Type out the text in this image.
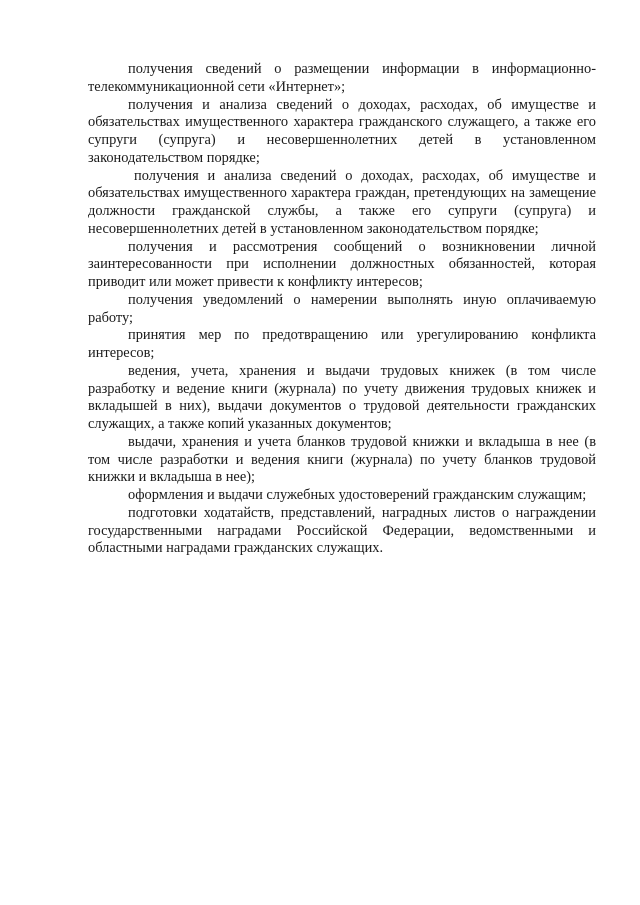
получения сведений о размещении информации в информационно-телекоммуникационной сети «Интернет»;

получения и анализа сведений о доходах, расходах, об имуществе и обязательствах имущественного характера гражданского служащего, а также его супруги (супруга) и несовершеннолетних детей в установленном законодательством порядке;

получения и анализа сведений о доходах, расходах, об имуществе и обязательствах имущественного характера граждан, претендующих на замещение должности гражданской службы, а также его супруги (супруга) и несовершеннолетних детей в установленном законодательством порядке;

получения и рассмотрения сообщений о возникновении личной заинтересованности при исполнении должностных обязанностей, которая приводит или может привести к конфликту интересов;

получения уведомлений о намерении выполнять иную оплачиваемую работу;

принятия мер по предотвращению или урегулированию конфликта интересов;

ведения, учета, хранения и выдачи трудовых книжек (в том числе разработку и ведение книги (журнала) по учету движения трудовых книжек и вкладышей в них), выдачи документов о трудовой деятельности гражданских служащих, а также копий указанных документов;

выдачи, хранения и учета бланков трудовой книжки и вкладыша в нее (в том числе разработки и ведения книги (журнала) по учету бланков трудовой книжки и вкладыша в нее);

оформления и выдачи служебных удостоверений гражданским служащим;

подготовки ходатайств, представлений, наградных листов о награждении государственными наградами Российской Федерации, ведомственными и областными наградами гражданских служащих.
